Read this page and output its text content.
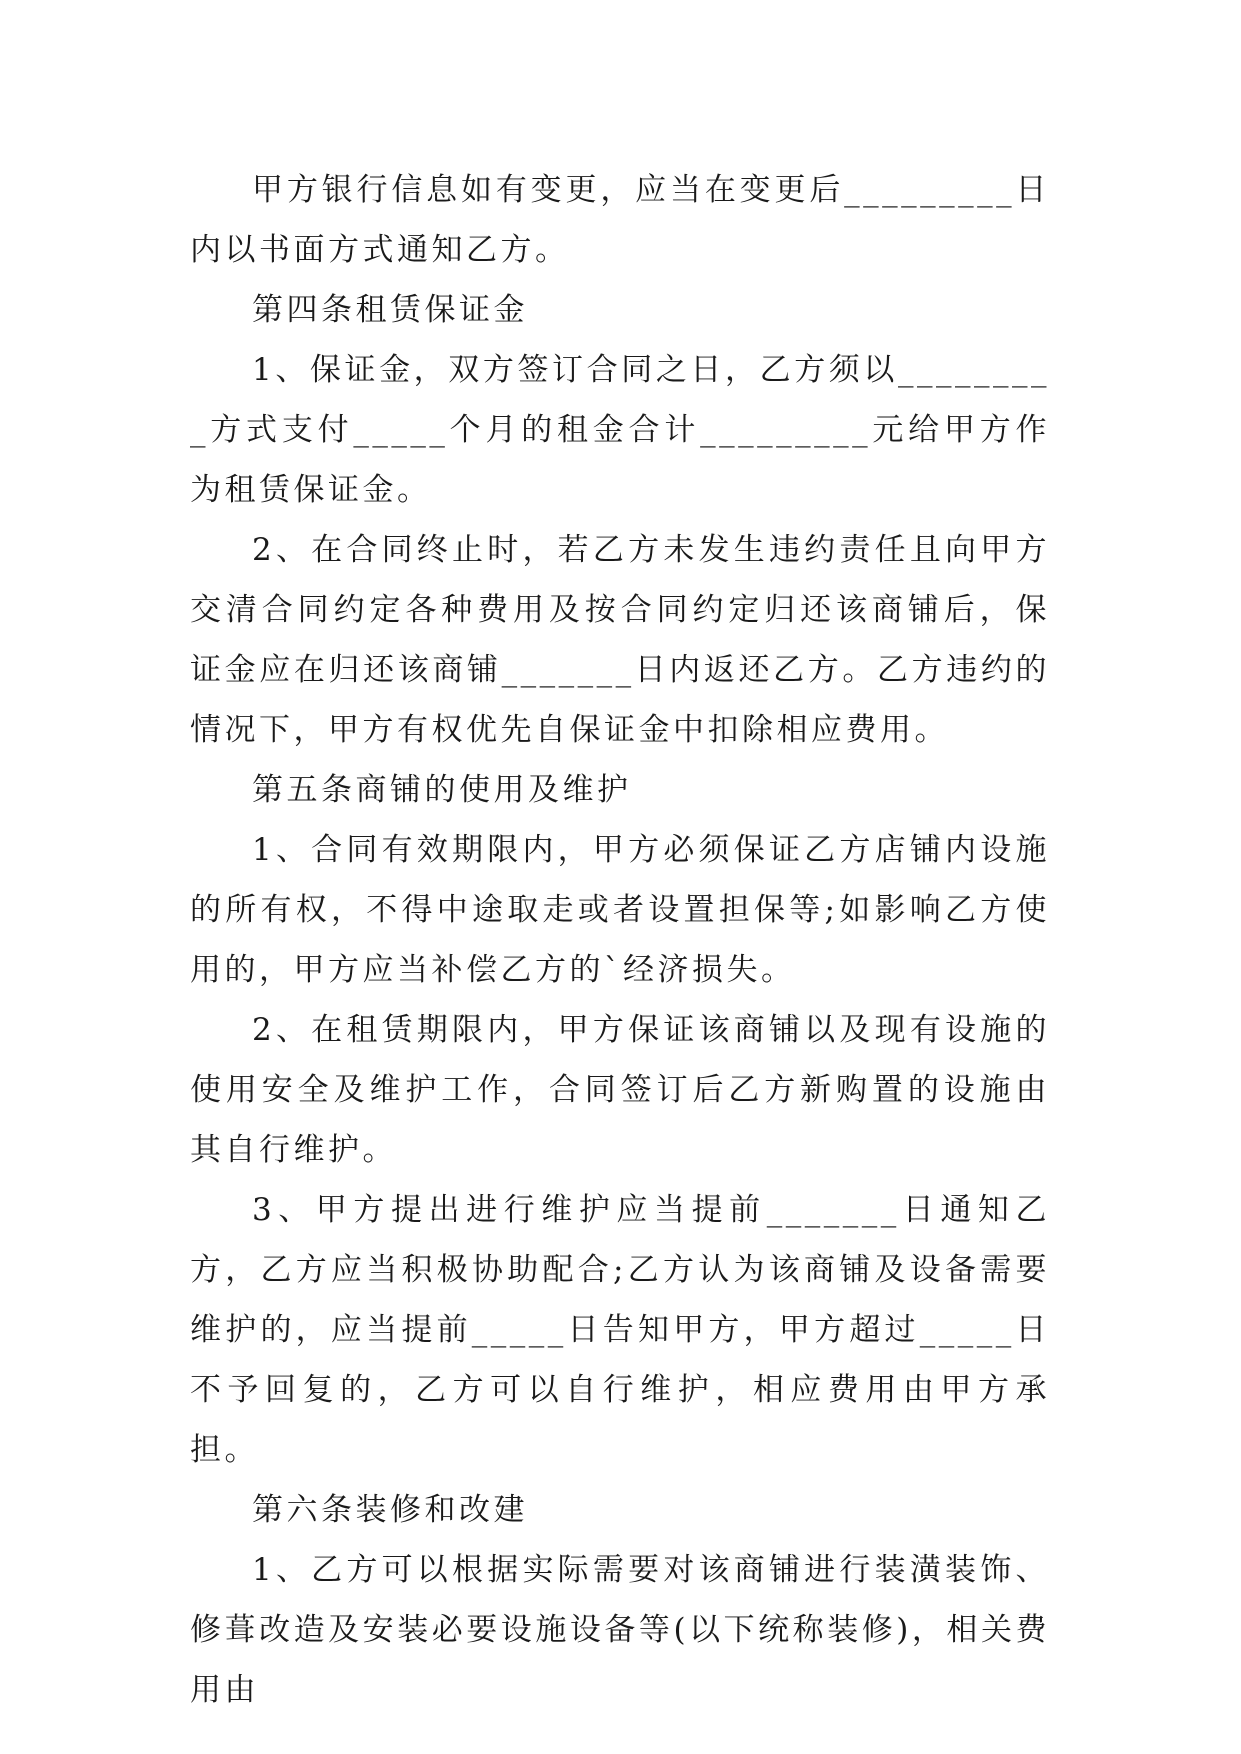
甲方银行信息如有变更，应当在变更后_________日内以书面方式通知乙方。

第四条租赁保证金

1、保证金，双方签订合同之日，乙方须以_________方式支付_____个月的租金合计_________元给甲方作为租赁保证金。

2、在合同终止时，若乙方未发生违约责任且向甲方交清合同约定各种费用及按合同约定归还该商铺后，保证金应在归还该商铺_______日内返还乙方。乙方违约的情况下，甲方有权优先自保证金中扣除相应费用。

第五条商铺的使用及维护

1、合同有效期限内，甲方必须保证乙方店铺内设施的所有权，不得中途取走或者设置担保等;如影响乙方使用的，甲方应当补偿乙方的`经济损失。

2、在租赁期限内，甲方保证该商铺以及现有设施的使用安全及维护工作，合同签订后乙方新购置的设施由其自行维护。

3、甲方提出进行维护应当提前_______日通知乙方，乙方应当积极协助配合;乙方认为该商铺及设备需要维护的，应当提前_____日告知甲方，甲方超过_____日不予回复的，乙方可以自行维护，相应费用由甲方承担。

第六条装修和改建

1、乙方可以根据实际需要对该商铺进行装潢装饰、修葺改造及安装必要设施设备等(以下统称装修)，相关费用由
